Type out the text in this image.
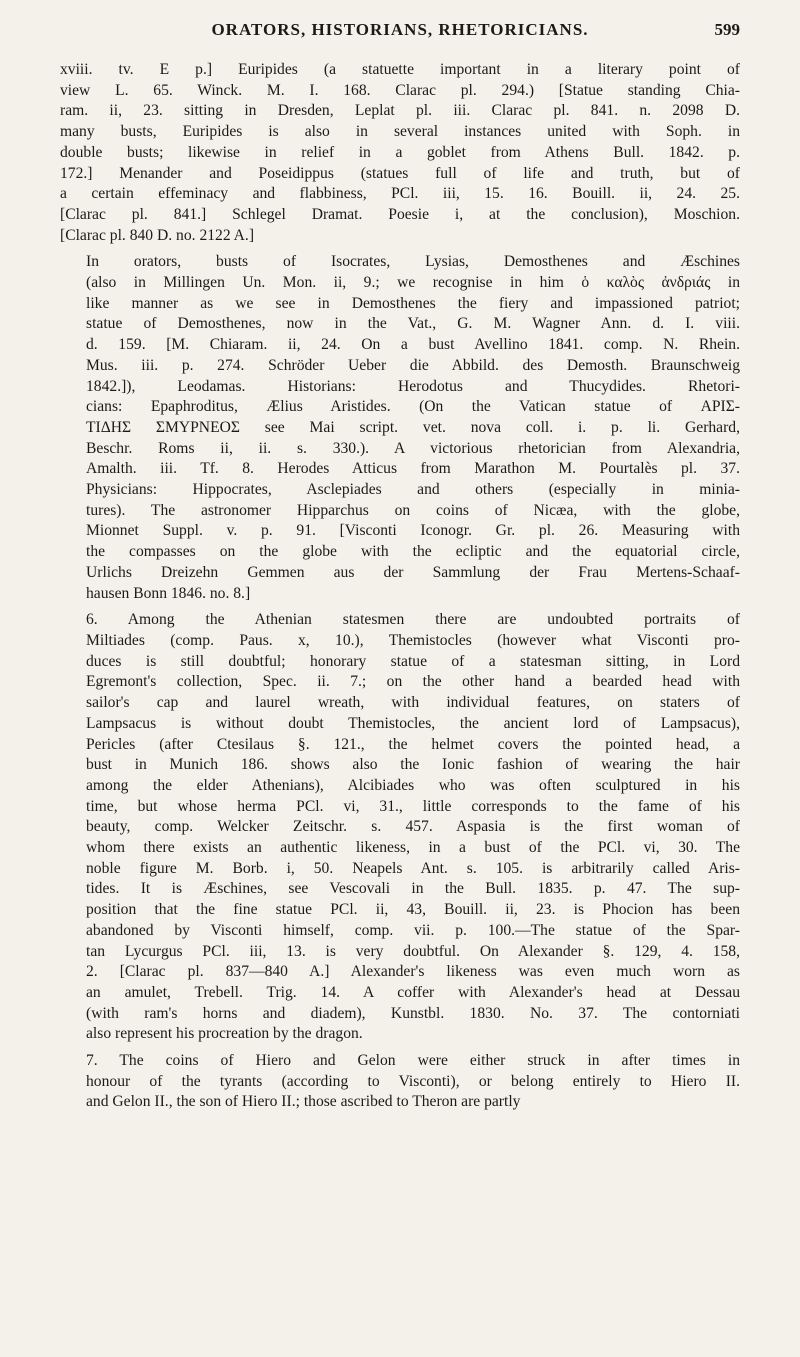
ORATORS, HISTORIANS, RHETORICIANS.	599

xviii. tv. E p.] Euripides (a statuette important in a literary point of
view L. 65. Winck. M. I. 168. Clarac pl. 294.) [Statue standing Chia-
ram. ii, 23. sitting in Dresden, Leplat pl. iii. Clarac pl. 841. n. 2098 D.
many busts, Euripides is also in several instances united with Soph. in
double busts; likewise in relief in a goblet from Athens Bull. 1842. p.
172.] Menander and Poseidippus (statues full of life and truth, but of
a certain effeminacy and flabbiness, PCl. iii, 15. 16. Bouill. ii, 24. 25.
[Clarac pl. 841.] Schlegel Dramat. Poesie i, at the conclusion), Moschion.
[Clarac pl. 840 D. no. 2122 A.]

In orators, busts of Isocrates, Lysias, Demosthenes and Æschines
(also in Millingen Un. Mon. ii, 9.; we recognise in him ὁ καλὸς ἀνδριάς in
like manner as we see in Demosthenes the fiery and impassioned patriot;
statue of Demosthenes, now in the Vat., G. M. Wagner Ann. d. I. viii.
d. 159. [M. Chiaram. ii, 24. On a bust Avellino 1841. comp. N. Rhein.
Mus. iii. p. 274. Schröder Ueber die Abbild. des Demosth. Braunschweig
1842.]), Leodamas. Historians: Herodotus and Thucydides. Rhetori-
cians: Epaphroditus, Ælius Aristides. (On the Vatican statue of ΑΡΙΣ-
ΤΙΔΗΣ ΣΜΥΡΝΕΟΣ see Mai script. vet. nova coll. i. p. li. Gerhard,
Beschr. Roms ii, ii. s. 330.). A victorious rhetorician from Alexandria,
Amalth. iii. Tf. 8. Herodes Atticus from Marathon M. Pourtalès pl. 37.
Physicians: Hippocrates, Asclepiades and others (especially in minia-
tures). The astronomer Hipparchus on coins of Nicæa, with the globe,
Mionnet Suppl. v. p. 91. [Visconti Iconogr. Gr. pl. 26. Measuring with
the compasses on the globe with the ecliptic and the equatorial circle,
Urlichs Dreizehn Gemmen aus der Sammlung der Frau Mertens-Schaaf-
hausen Bonn 1846. no. 8.]

6. Among the Athenian statesmen there are undoubted portraits of
Miltiades (comp. Paus. x, 10.), Themistocles (however what Visconti pro-
duces is still doubtful; honorary statue of a statesman sitting, in Lord
Egremont's collection, Spec. ii. 7.; on the other hand a bearded head with
sailor's cap and laurel wreath, with individual features, on staters of
Lampsacus is without doubt Themistocles, the ancient lord of Lampsacus),
Pericles (after Ctesilaus §. 121., the helmet covers the pointed head, a
bust in Munich 186. shows also the Ionic fashion of wearing the hair
among the elder Athenians), Alcibiades who was often sculptured in his
time, but whose herma PCl. vi, 31., little corresponds to the fame of his
beauty, comp. Welcker Zeitschr. s. 457. Aspasia is the first woman of
whom there exists an authentic likeness, in a bust of the PCl. vi, 30. The
noble figure M. Borb. i, 50. Neapels Ant. s. 105. is arbitrarily called Aris-
tides. It is Æschines, see Vescovali in the Bull. 1835. p. 47. The sup-
position that the fine statue PCl. ii, 43, Bouill. ii, 23. is Phocion has been
abandoned by Visconti himself, comp. vii. p. 100.—The statue of the Spar-
tan Lycurgus PCl. iii, 13. is very doubtful. On Alexander §. 129, 4. 158,
2. [Clarac pl. 837—840 A.] Alexander's likeness was even much worn as
an amulet, Trebell. Trig. 14. A coffer with Alexander's head at Dessau
(with ram's horns and diadem), Kunstbl. 1830. No. 37. The contorniati
also represent his procreation by the dragon.

7. The coins of Hiero and Gelon were either struck in after times in
honour of the tyrants (according to Visconti), or belong entirely to Hiero II.
and Gelon II., the son of Hiero II.; those ascribed to Theron are partly
